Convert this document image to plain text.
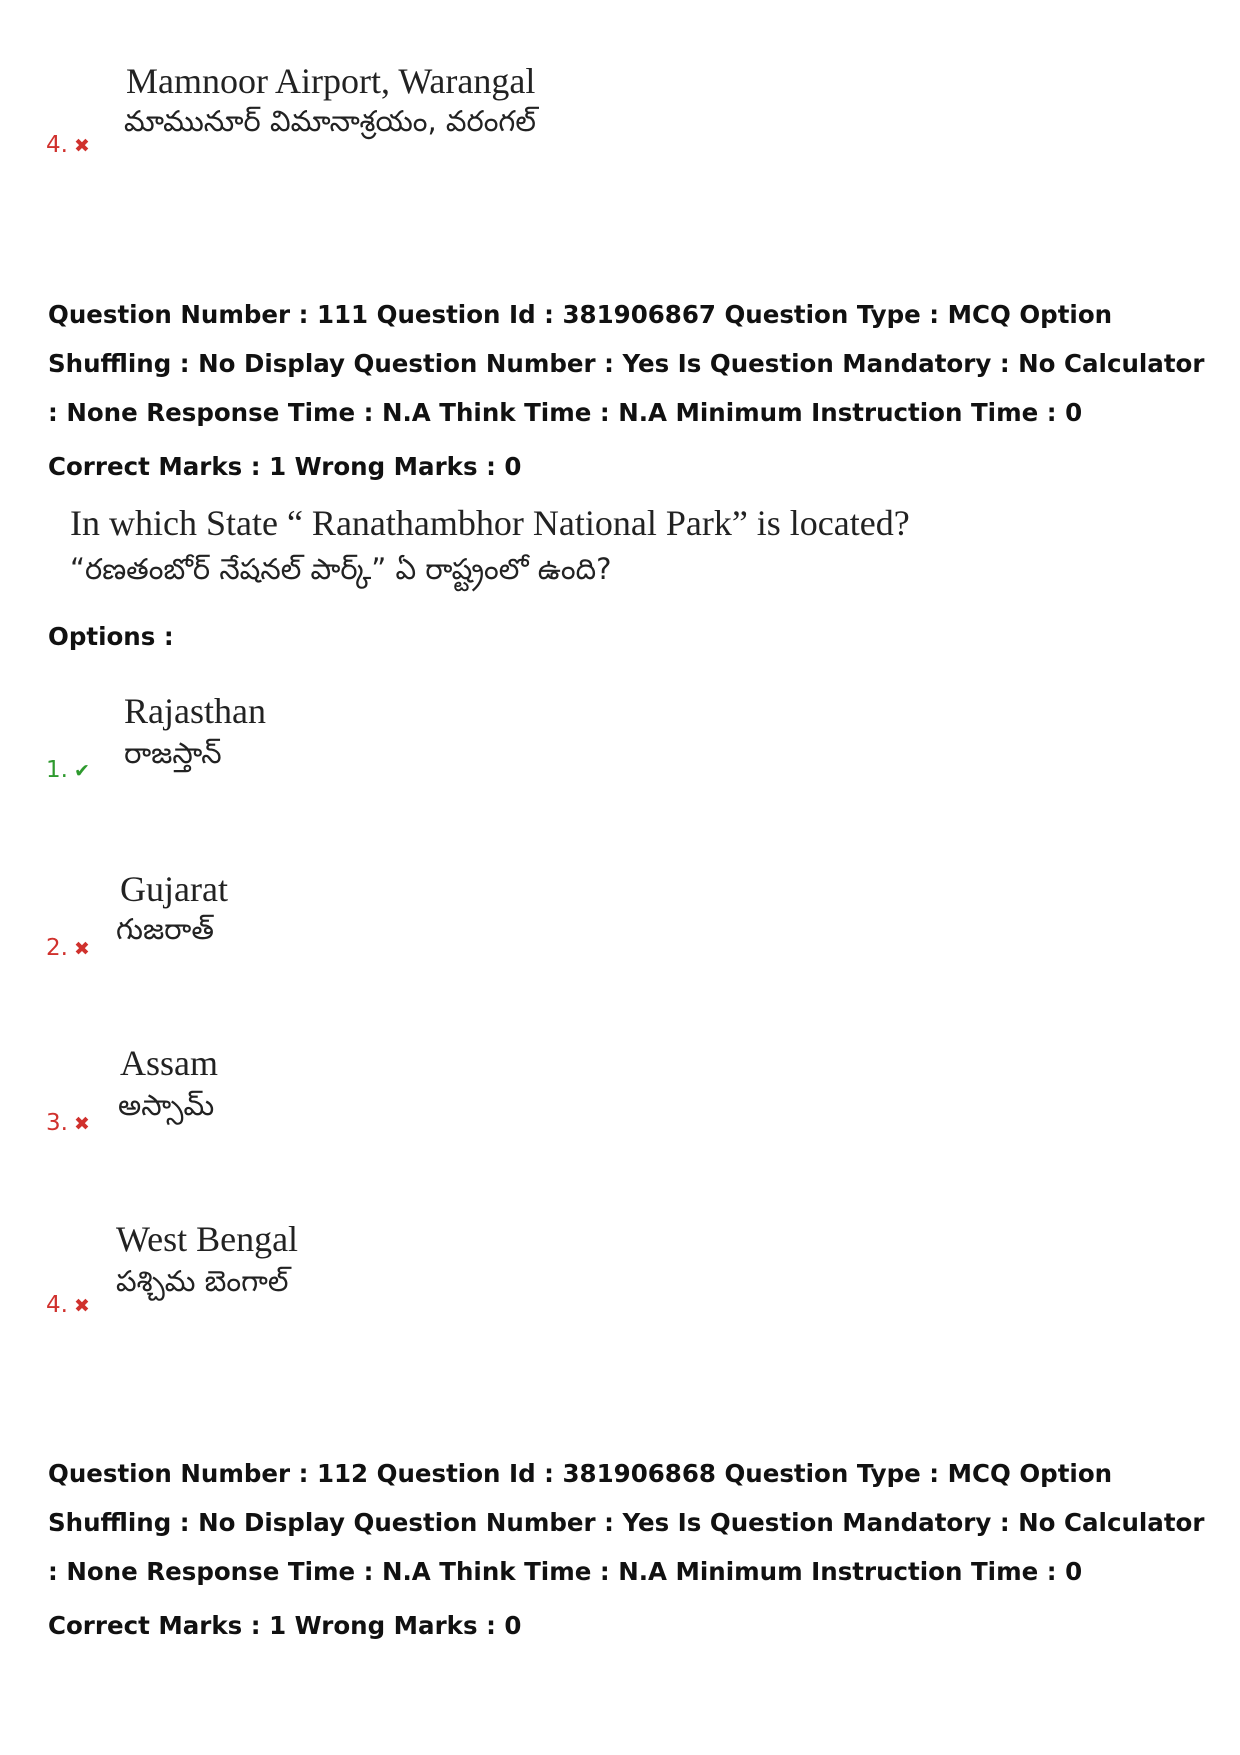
Mamnoor Airport, Warangal
మామునూర్ విమానాశ్రయం, వరంగల్
4. ✖
Question Number : 111 Question Id : 381906867 Question Type : MCQ Option Shuffling : No Display Question Number : Yes Is Question Mandatory : No Calculator : None Response Time : N.A Think Time : N.A Minimum Instruction Time : 0
Correct Marks : 1 Wrong Marks : 0
In which State “ Ranathambhor National Park” is located?
“రణతంబోర్ నేషనల్ పార్క్” ఏ రాష్ట్రంలో ఉంది?
Options :
Rajasthan
రాజస్తాన్
1. ✔
Gujarat
గుజరాత్
2. ✖
Assam
అస్సామ్
3. ✖
West Bengal
పశ్చిమ బెంగాల్
4. ✖
Question Number : 112 Question Id : 381906868 Question Type : MCQ Option Shuffling : No Display Question Number : Yes Is Question Mandatory : No Calculator : None Response Time : N.A Think Time : N.A Minimum Instruction Time : 0
Correct Marks : 1 Wrong Marks : 0
